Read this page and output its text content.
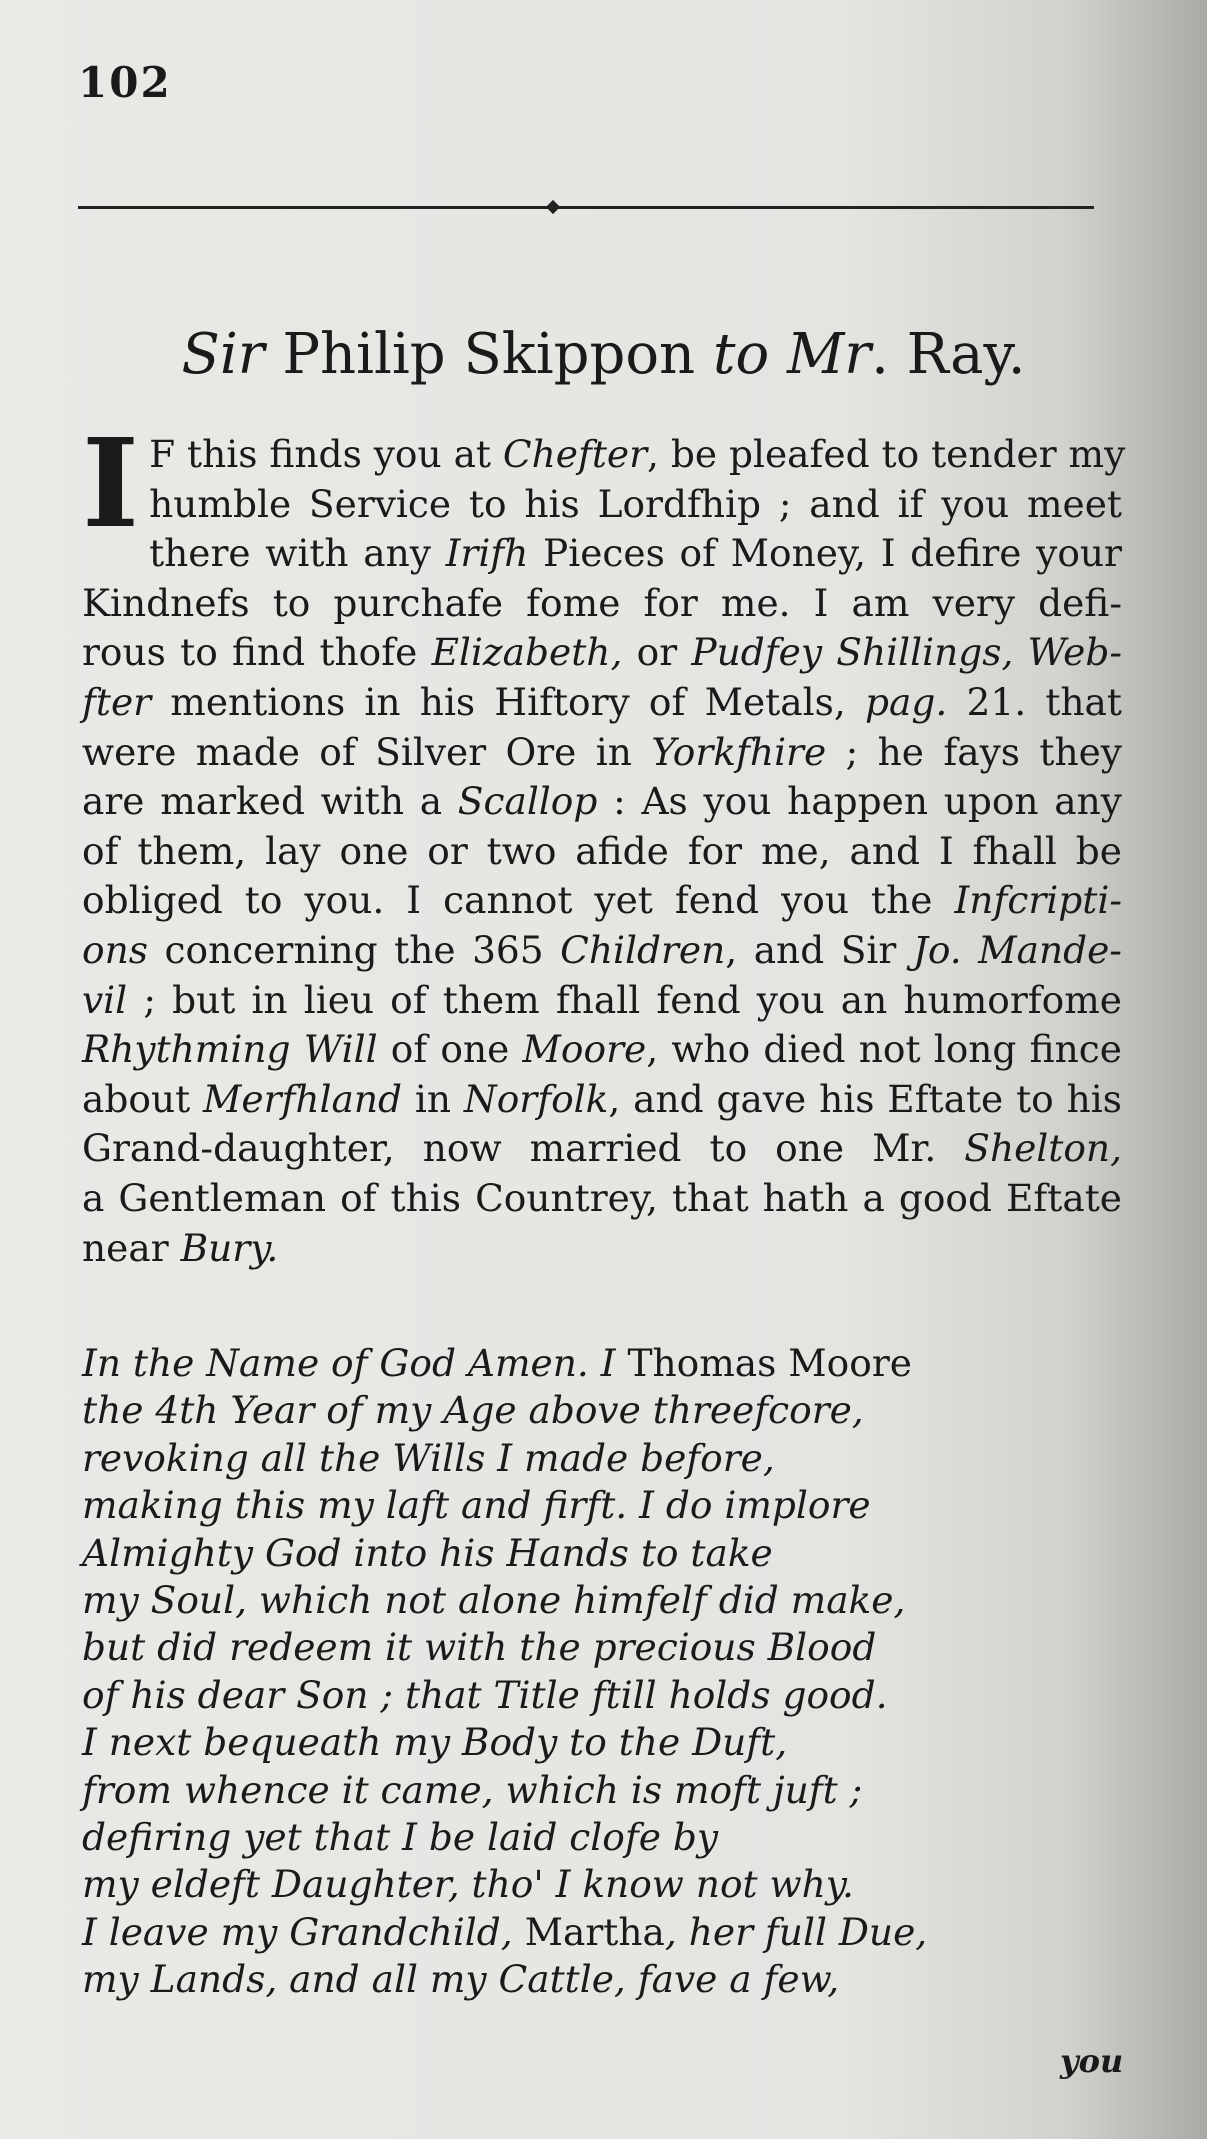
102
Sir Philip Skippon to Mr. Ray.
I F this finds you at Chefter, be pleafed to tender my
humble Service to his Lordfhip ; and if you meet
there with any Irifh Pieces of Money, I defire your
Kindnefs to purchafe fome for me. I am very defi-
rous to find thofe Elizabeth, or Pudfey Shillings, Web-
fter mentions in his Hiftory of Metals, pag. 21. that
were made of Silver Ore in Yorkfhire ; he fays they
are marked with a Scallop : As you happen upon any
of them, lay one or two afide for me, and I fhall be
obliged to you. I cannot yet fend you the Infcripti-
ons concerning the 365 Children, and Sir Jo. Mande-
vil ; but in lieu of them fhall fend you an humorfome
Rhythming Will of one Moore, who died not long fince
about Merfhland in Norfolk, and gave his Eftate to his
Grand-daughter, now married to one Mr. Shelton,
a Gentleman of this Countrey, that hath a good Eftate
near Bury.
In the Name of God Amen. I Thomas Moore
the 4th Year of my Age above threefcore,
revoking all the Wills I made before,
making this my laft and firft. I do implore
Almighty God into his Hands to take
my Soul, which not alone himfelf did make,
but did redeem it with the precious Blood
of his dear Son ; that Title ftill holds good.
I next bequeath my Body to the Duft,
from whence it came, which is moft juft ;
defiring yet that I be laid clofe by
my eldeft Daughter, tho' I know not why.
I leave my Grandchild, Martha, her full Due,
my Lands, and all my Cattle, fave a few,
you
